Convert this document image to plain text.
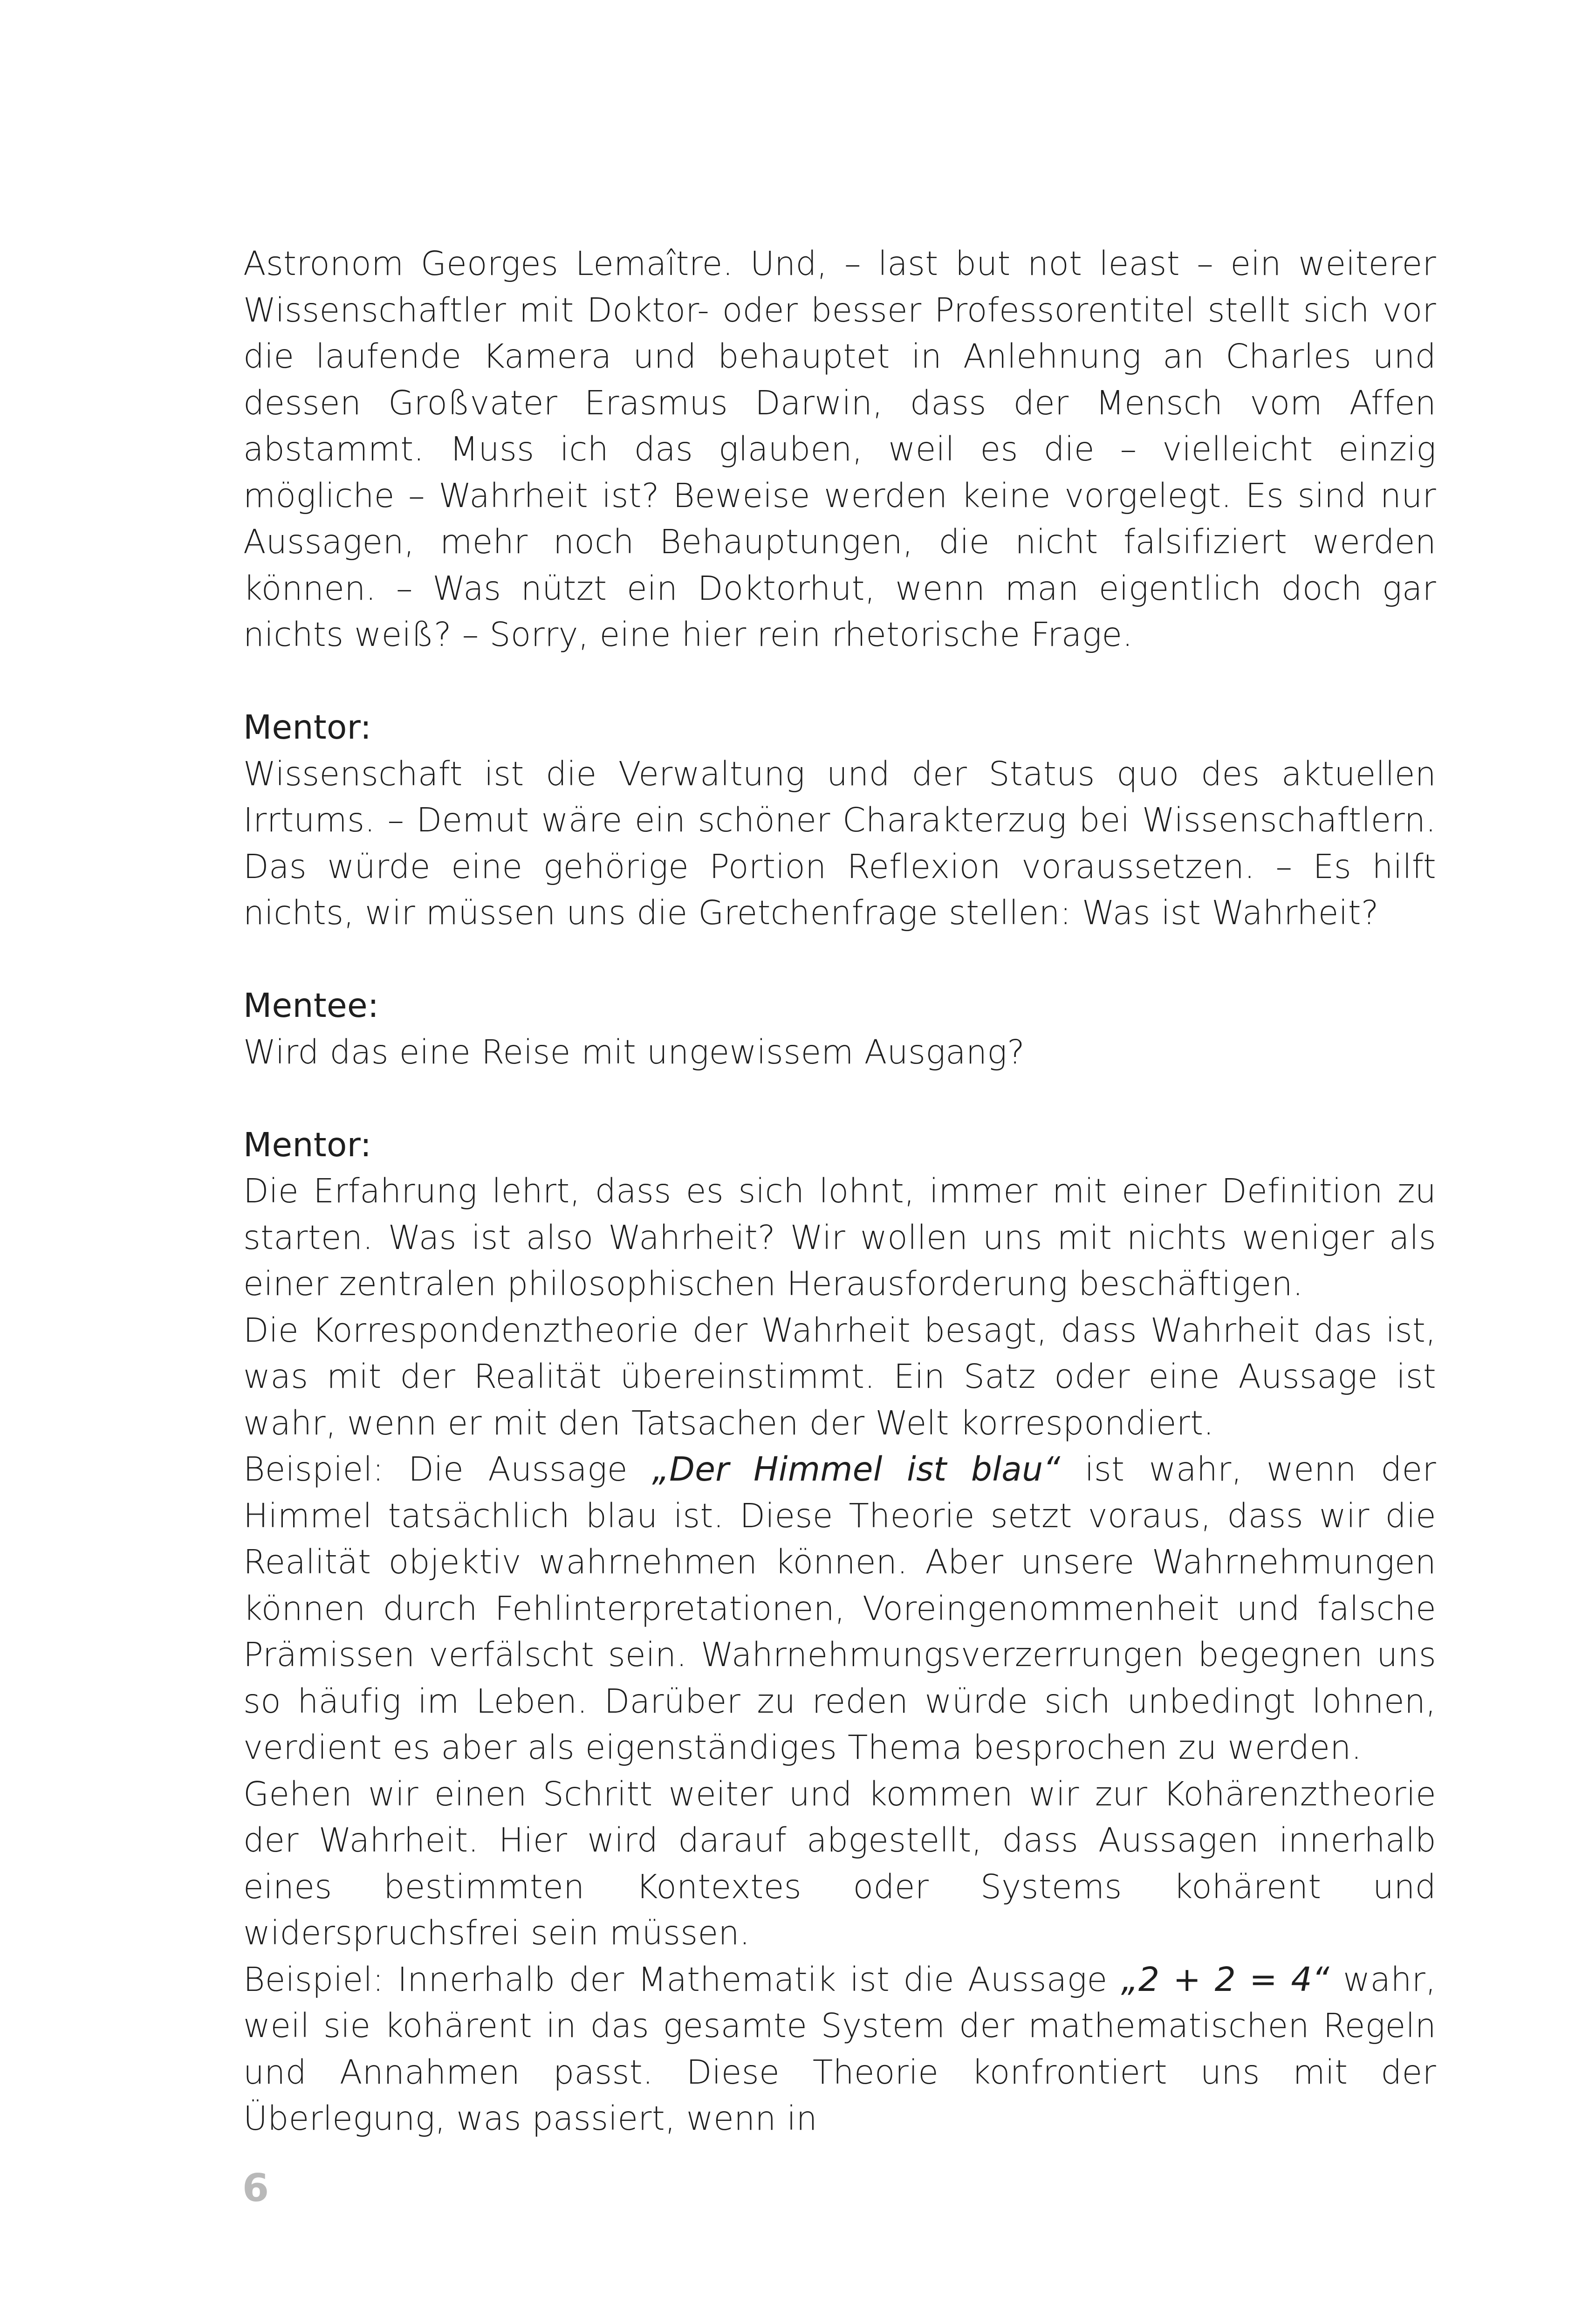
Astronom Georges Lemaître. Und, – last but not least – ein weiterer Wissenschaftler mit Doktor- oder besser Professorentitel stellt sich vor die laufende Kamera und behauptet in Anlehnung an Charles und dessen Großvater Erasmus Darwin, dass der Mensch vom Affen abstammt. Muss ich das glauben, weil es die – vielleicht einzig mögliche – Wahrheit ist? Beweise werden keine vorgelegt. Es sind nur Aussagen, mehr noch Behauptungen, die nicht falsifiziert werden können. – Was nützt ein Doktorhut, wenn man eigentlich doch gar nichts weiß? – Sorry, eine hier rein rhetorische Frage.

Mentor:

Wissenschaft ist die Verwaltung und der Status quo des aktuellen Irrtums. – Demut wäre ein schöner Charakterzug bei Wissenschaftlern. Das würde eine gehörige Portion Reflexion voraussetzen. – Es hilft nichts, wir müssen uns die Gretchenfrage stellen: Was ist Wahrheit?

Mentee:

Wird das eine Reise mit ungewissem Ausgang?

Mentor:

Die Erfahrung lehrt, dass es sich lohnt, immer mit einer Definition zu starten. Was ist also Wahrheit? Wir wollen uns mit nichts weniger als einer zentralen philosophischen Herausforderung beschäftigen.

Die Korrespondenztheorie der Wahrheit besagt, dass Wahrheit das ist, was mit der Realität übereinstimmt. Ein Satz oder eine Aussage ist wahr, wenn er mit den Tatsachen der Welt korrespondiert.

Beispiel: Die Aussage „Der Himmel ist blau“ ist wahr, wenn der Himmel tatsächlich blau ist. Diese Theorie setzt voraus, dass wir die Realität objektiv wahrnehmen können. Aber unsere Wahrnehmungen können durch Fehlinterpretationen, Voreingenommenheit und falsche Prämissen verfälscht sein. Wahrnehmungsverzerrungen begegnen uns so häufig im Leben. Darüber zu reden würde sich unbedingt lohnen, verdient es aber als eigenständiges Thema besprochen zu werden.

Gehen wir einen Schritt weiter und kommen wir zur Kohärenztheorie der Wahrheit. Hier wird darauf abgestellt, dass Aussagen innerhalb eines bestimmten Kontextes oder Systems kohärent und widerspruchsfrei sein müssen.

Beispiel: Innerhalb der Mathematik ist die Aussage „2 + 2 = 4“ wahr, weil sie kohärent in das gesamte System der mathematischen Regeln und Annahmen passt. Diese Theorie konfrontiert uns mit der Überlegung, was passiert, wenn in

6
